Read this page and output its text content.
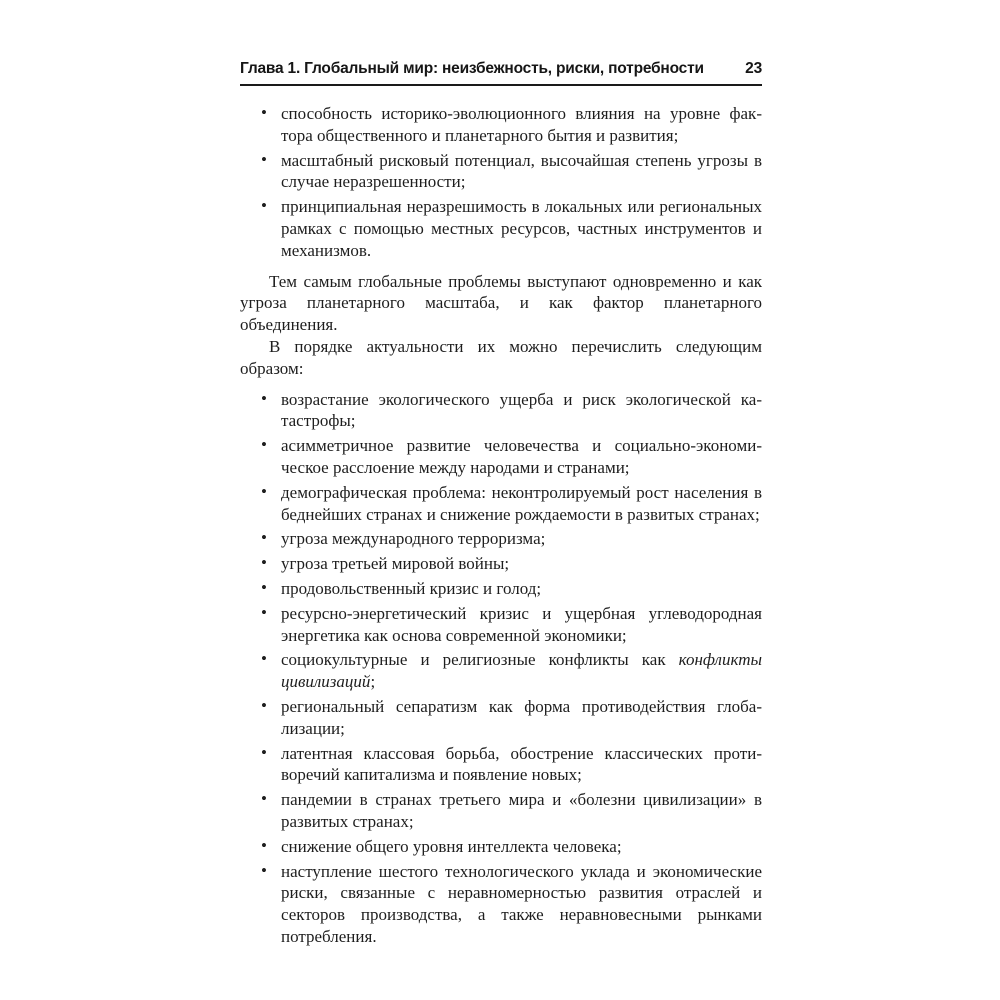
Глава 1. Глобальный мир: неизбежность, риски, потребности	23
• способность историко-эволюционного влияния на уровне фактора общественного и планетарного бытия и развития;
• масштабный рисковый потенциал, высочайшая степень угрозы в случае неразрешенности;
• принципиальная неразрешимость в локальных или региональных рамках с помощью местных ресурсов, частных инструментов и механизмов.

Тем самым глобальные проблемы выступают одновременно и как угроза планетарного масштаба, и как фактор планетарного объединения.

В порядке актуальности их можно перечислить следующим образом:

• возрастание экологического ущерба и риск экологической катастрофы;
• асимметричное развитие человечества и социально-экономическое расслоение между народами и странами;
• демографическая проблема: неконтролируемый рост населения в беднейших странах и снижение рождаемости в развитых странах;
• угроза международного терроризма;
• угроза третьей мировой войны;
• продовольственный кризис и голод;
• ресурсно-энергетический кризис и ущербная углеводородная энергетика как основа современной экономики;
• социокультурные и религиозные конфликты как конфликты цивилизаций;
• региональный сепаратизм как форма противодействия глобализации;
• латентная классовая борьба, обострение классических противоречий капитализма и появление новых;
• пандемии в странах третьего мира и «болезни цивилизации» в развитых странах;
• снижение общего уровня интеллекта человека;
• наступление шестого технологического уклада и экономические риски, связанные с неравномерностью развития отраслей и секторов производства, а также неравновесными рынками потребления.
